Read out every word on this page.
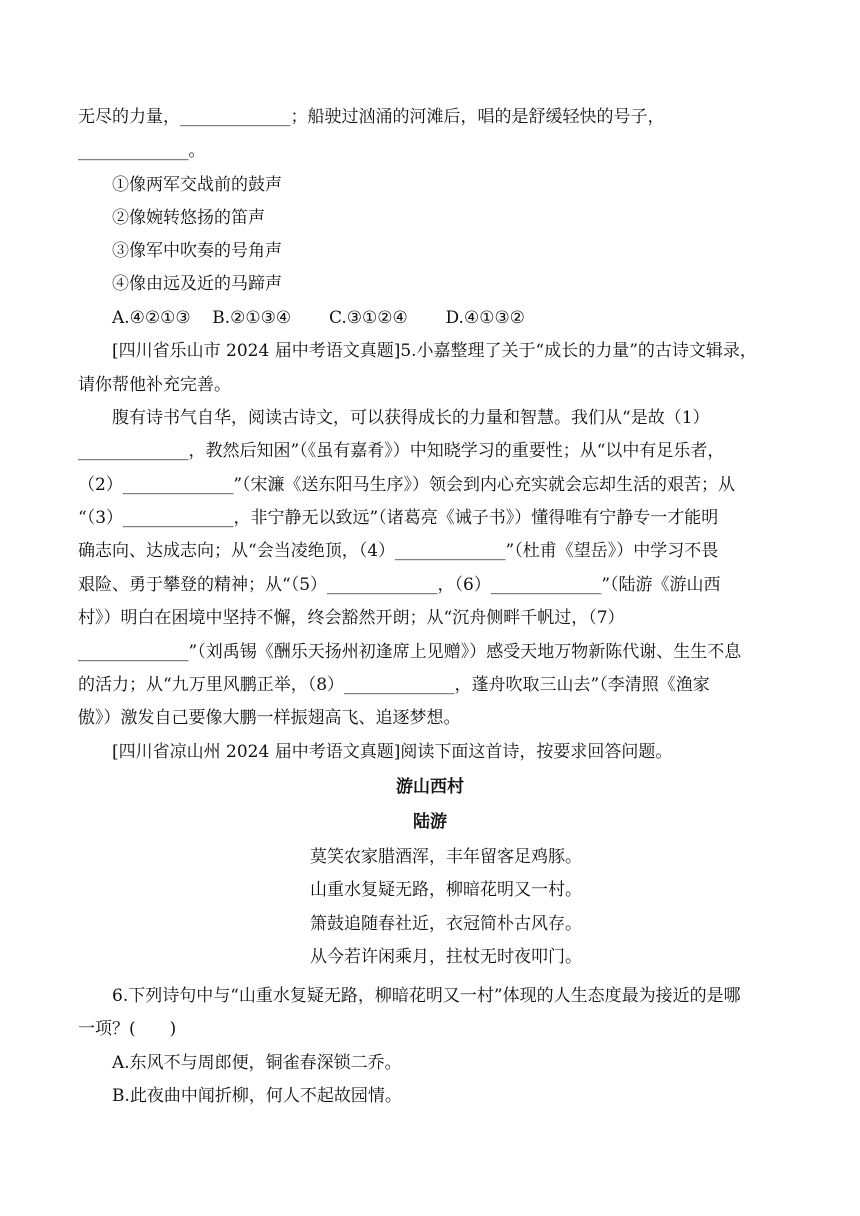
无尽的力量，_____________；船驶过汹涌的河滩后，唱的是舒缓轻快的号子，
_____________。
①像两军交战前的鼓声
②像婉转悠扬的笛声
③像军中吹奏的号角声
④像由远及近的马蹄声
A.④②①③    B.②①③④       C.③①②④       D.④①③②
[四川省乐山市 2024 届中考语文真题]5.小嘉整理了关于“成长的力量”的古诗文辑录，
请你帮他补充完善。
腹有诗书气自华，阅读古诗文，可以获得成长的力量和智慧。我们从“是故（1）
_____________，教然后知困”（《虽有嘉肴》）中知晓学习的重要性；从“以中有足乐者，
（2）_____________”（宋濂《送东阳马生序》）领会到内心充实就会忘却生活的艰苦；从
“（3）_____________，非宁静无以致远”（诸葛亮《诫子书》）懂得唯有宁静专一才能明
确志向、达成志向；从“会当凌绝顶，（4）_____________”（杜甫《望岳》）中学习不畏
艰险、勇于攀登的精神；从“（5）_____________，（6）_____________”（陆游《游山西
村》）明白在困境中坚持不懈，终会豁然开朗；从“沉舟侧畔千帆过，（7）
_____________”（刘禹锡《酬乐天扬州初逢席上见赠》）感受天地万物新陈代谢、生生不息
的活力；从“九万里风鹏正举，（8）_____________，蓬舟吹取三山去”（李清照《渔家
傲》）激发自己要像大鹏一样振翅高飞、追逐梦想。
[四川省凉山州 2024 届中考语文真题]阅读下面这首诗，按要求回答问题。
游山西村
陆游
莫笑农家腊酒浑，丰年留客足鸡豚。
山重水复疑无路，柳暗花明又一村。
箫鼓追随春社近，衣冠简朴古风存。
从今若许闲乘月，拄杖无时夜叩门。
6.下列诗句中与“山重水复疑无路，柳暗花明又一村”体现的人生态度最为接近的是哪
一项？(　　)
A.东风不与周郎便，铜雀春深锁二乔。
B.此夜曲中闻折柳，何人不起故园情。
